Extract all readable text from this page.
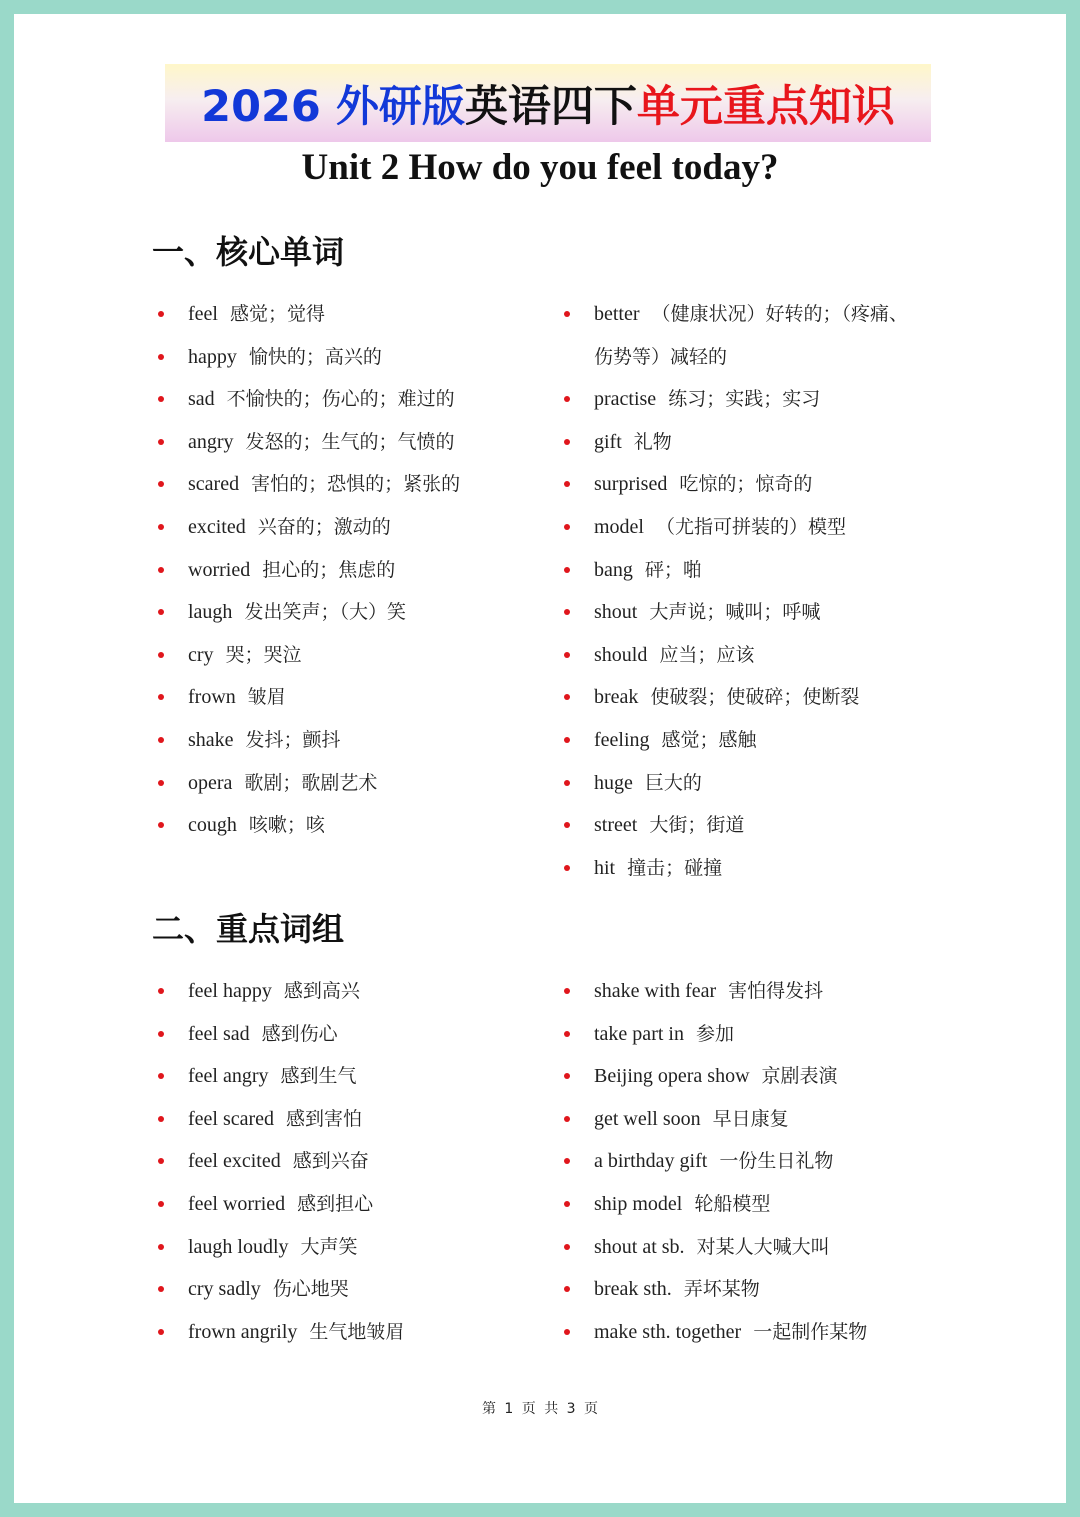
2026 外研版英语四下单元重点知识
Unit 2 How do you feel today?
一、核心单词
feel 感觉；觉得
happy 愉快的；高兴的
sad 不愉快的；伤心的；难过的
angry 发怒的；生气的；气愤的
scared 害怕的；恐惧的；紧张的
excited 兴奋的；激动的
worried 担心的；焦虑的
laugh 发出笑声；（大）笑
cry 哭；哭泣
frown 皱眉
shake 发抖；颤抖
opera 歌剧；歌剧艺术
cough 咳嗽；咳
better （健康状况）好转的；（疼痛、
伤势等）减轻的
practise 练习；实践；实习
gift 礼物
surprised 吃惊的；惊奇的
model （尤指可拼装的）模型
bang 砰；啪
shout 大声说；喊叫；呼喊
should 应当；应该
break 使破裂；使破碎；使断裂
feeling 感觉；感触
huge 巨大的
street 大街；街道
hit 撞击；碰撞
二、重点词组
feel happy 感到高兴
feel sad 感到伤心
feel angry 感到生气
feel scared 感到害怕
feel excited 感到兴奋
feel worried 感到担心
laugh loudly 大声笑
cry sadly 伤心地哭
frown angrily 生气地皱眉
shake with fear 害怕得发抖
take part in 参加
Beijing opera show 京剧表演
get well soon 早日康复
a birthday gift 一份生日礼物
ship model 轮船模型
shout at sb. 对某人大喊大叫
break sth. 弄坏某物
make sth. together 一起制作某物
第 1 页 共 3 页
